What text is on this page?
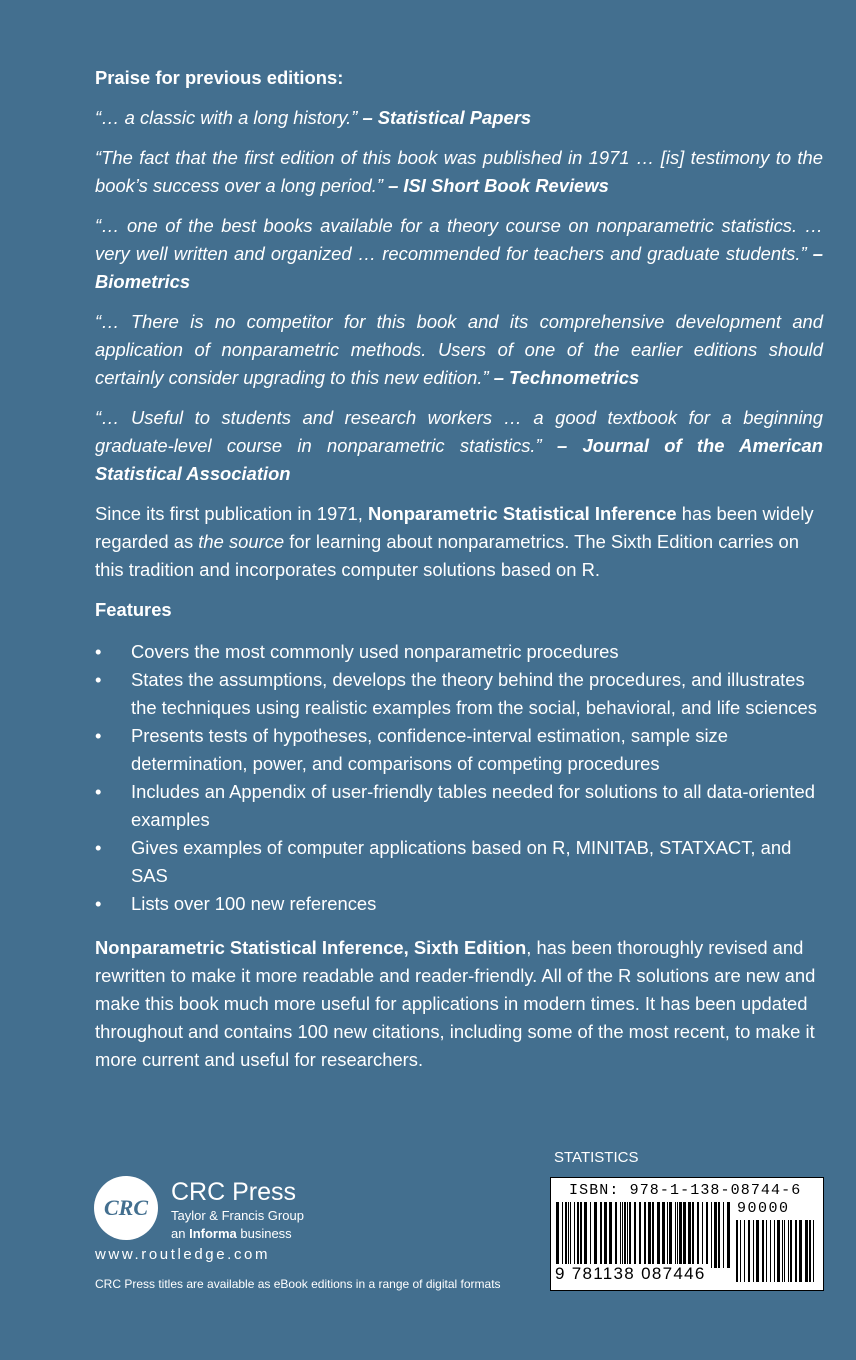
Praise for previous editions:

“… a classic with a long history.” – Statistical Papers

“The fact that the first edition of this book was published in 1971 … [is] testimony to the book’s success over a long period.” – ISI Short Book Reviews

“… one of the best books available for a theory course on nonparametric statistics. … very well written and organized … recommended for teachers and graduate students.” – Biometrics

“… There is no competitor for this book and its comprehensive development and application of nonparametric methods. Users of one of the earlier editions should certainly consider upgrading to this new edition.” – Technometrics

“… Useful to students and research workers … a good textbook for a beginning graduate-level course in nonparametric statistics.” – Journal of the American Statistical Association

Since its first publication in 1971, Nonparametric Statistical Inference has been widely regarded as the source for learning about nonparametrics. The Sixth Edition carries on this tradition and incorporates computer solutions based on R.

Features

• Covers the most commonly used nonparametric procedures
• States the assumptions, develops the theory behind the procedures, and illustrates the techniques using realistic examples from the social, behavioral, and life sciences
• Presents tests of hypotheses, confidence-interval estimation, sample size determination, power, and comparisons of competing procedures
• Includes an Appendix of user-friendly tables needed for solutions to all data-oriented examples
• Gives examples of computer applications based on R, MINITAB, STATXACT, and SAS
• Lists over 100 new references

Nonparametric Statistical Inference, Sixth Edition, has been thoroughly revised and rewritten to make it more readable and reader-friendly. All of the R solutions are new and make this book much more useful for applications in modern times. It has been updated throughout and contains 100 new citations, including some of the most recent, to make it more current and useful for researchers.

CRC
CRC Press
Taylor & Francis Group
an Informa business
www.routledge.com
CRC Press titles are available as eBook editions in a range of digital formats
STATISTICS
ISBN: 978-1-138-08744-6
90000
9 781138 087446
